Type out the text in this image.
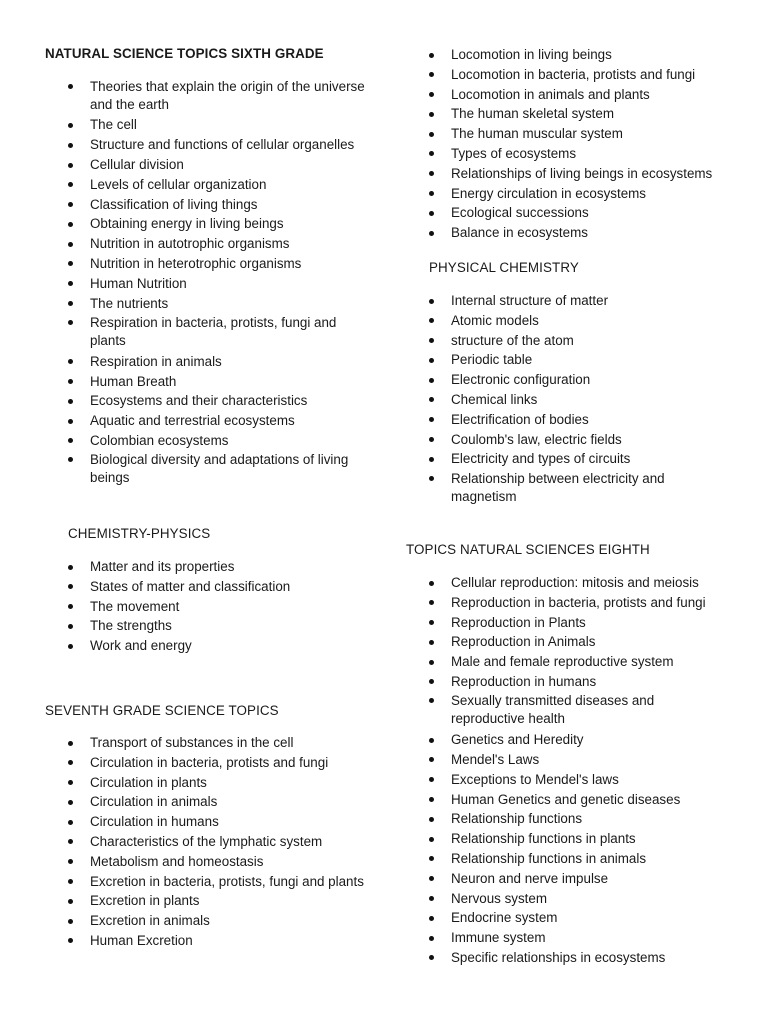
NATURAL SCIENCE TOPICS SIXTH GRADE
Theories that explain the origin of the universe and the earth
The cell
Structure and functions of cellular organelles
Cellular division
Levels of cellular organization
Classification of living things
Obtaining energy in living beings
Nutrition in autotrophic organisms
Nutrition in heterotrophic organisms
Human Nutrition
The nutrients
Respiration in bacteria, protists, fungi and plants
Respiration in animals
Human Breath
Ecosystems and their characteristics
Aquatic and terrestrial ecosystems
Colombian ecosystems
Biological diversity and adaptations of living beings
CHEMISTRY-PHYSICS
Matter and its properties
States of matter and classification
The movement
The strengths
Work and energy
SEVENTH GRADE SCIENCE TOPICS
Transport of substances in the cell
Circulation in bacteria, protists and fungi
Circulation in plants
Circulation in animals
Circulation in humans
Characteristics of the lymphatic system
Metabolism and homeostasis
Excretion in bacteria, protists, fungi and plants
Excretion in plants
Excretion in animals
Human Excretion
Locomotion in living beings
Locomotion in bacteria, protists and fungi
Locomotion in animals and plants
The human skeletal system
The human muscular system
Types of ecosystems
Relationships of living beings in ecosystems
Energy circulation in ecosystems
Ecological successions
Balance in ecosystems
PHYSICAL CHEMISTRY
Internal structure of matter
Atomic models
structure of the atom
Periodic table
Electronic configuration
Chemical links
Electrification of bodies
Coulomb's law, electric fields
Electricity and types of circuits
Relationship between electricity and magnetism
TOPICS NATURAL SCIENCES EIGHTH
Cellular reproduction: mitosis and meiosis
Reproduction in bacteria, protists and fungi
Reproduction in Plants
Reproduction in Animals
Male and female reproductive system
Reproduction in humans
Sexually transmitted diseases and reproductive health
Genetics and Heredity
Mendel's Laws
Exceptions to Mendel's laws
Human Genetics and genetic diseases
Relationship functions
Relationship functions in plants
Relationship functions in animals
Neuron and nerve impulse
Nervous system
Endocrine system
Immune system
Specific relationships in ecosystems
